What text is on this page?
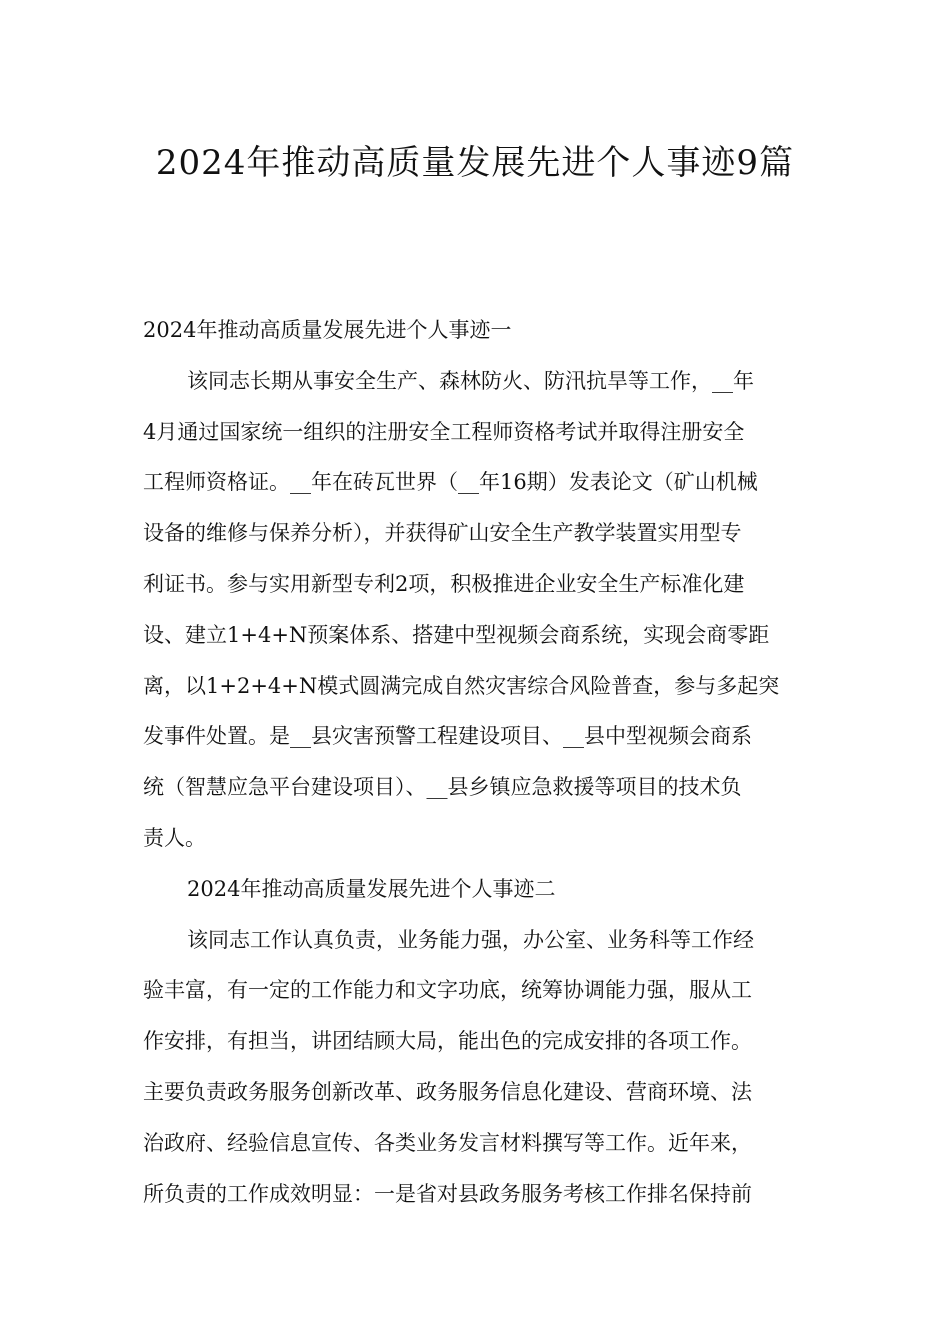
2024年推动高质量发展先进个人事迹9篇
2024年推动高质量发展先进个人事迹一
该同志长期从事安全生产、森林防火、防汛抗旱等工作，__年
4月通过国家统一组织的注册安全工程师资格考试并取得注册安全
工程师资格证。__年在砖瓦世界（__年16期）发表论文（矿山机械
设备的维修与保养分析），并获得矿山安全生产教学装置实用型专
利证书。参与实用新型专利2项，积极推进企业安全生产标准化建
设、建立1+4+N预案体系、搭建中型视频会商系统，实现会商零距
离，以1+2+4+N模式圆满完成自然灾害综合风险普查，参与多起突
发事件处置。是__县灾害预警工程建设项目、__县中型视频会商系
统（智慧应急平台建设项目）、__县乡镇应急救援等项目的技术负
责人。
2024年推动高质量发展先进个人事迹二
该同志工作认真负责，业务能力强，办公室、业务科等工作经
验丰富，有一定的工作能力和文字功底，统筹协调能力强，服从工
作安排，有担当，讲团结顾大局，能出色的完成安排的各项工作。
主要负责政务服务创新改革、政务服务信息化建设、营商环境、法
治政府、经验信息宣传、各类业务发言材料撰写等工作。近年来，
所负责的工作成效明显：一是省对县政务服务考核工作排名保持前
